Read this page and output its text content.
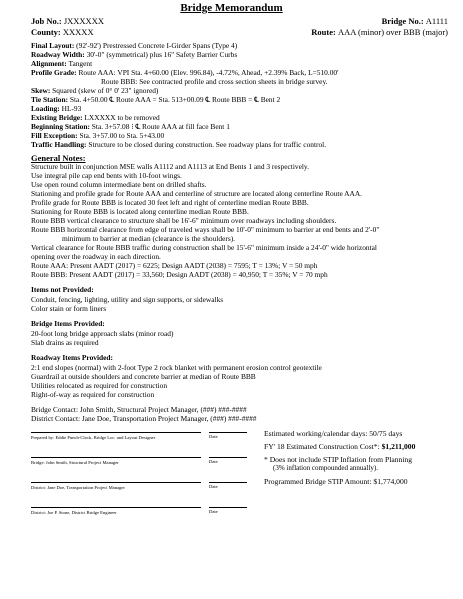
Bridge Memorandum
Job No.: JXXXXXX
County: XXXXX
Bridge No.: A1111
Route: AAA (minor) over BBB (major)
Final Layout: (92'-92') Prestressed Concrete I-Girder Spans (Type 4)
Roadway Width: 30'-0" (symmetrical) plus 16" Safety Barrier Curbs
Alignment: Tangent
Profile Grade: Route AAA: VPI Sta. 4+60.00 (Elev. 996.84), -4.72%, Ahead, +2.39% Back, L=510.00'
Route BBB: See contracted profile and cross section sheets in bridge survey.
Skew: Squared (skew of 0° 0' 23" ignored)
Tie Station: Sta. 4+50.00 ℄ Route AAA = Sta. 513+00.09 ℄ Route BBB = ℄ Bent 2
Loading: HL-93
Existing Bridge: LXXXXX to be removed
Beginning Station: Sta. 3+57.08 ⁝ ℄ Route AAA at fill face Bent 1
Fill Exception: Sta. 3+57.00 to Sta. 5+43.00
Traffic Handling: Structure to be closed during construction. See roadway plans for traffic control.
General Notes:
Structure built in conjunction MSE walls A1112 and A1113 at End Bents 1 and 3 respectively.
Use integral pile cap end bents with 10-foot wings.
Use open round column intermediate bent on drilled shafts.
Stationing and profile grade for Route AAA and centerline of structure are located along centerline Route AAA.
Profile grade for Route BBB is located 30 feet left and right of centerline median Route BBB.
Stationing for Route BBB is located along centerline median Route BBB.
Route BBB vertical clearance to structure shall be 16'-6" minimum over roadways including shoulders.
Route BBB horizontal clearance from edge of traveled ways shall be 10'-0" minimum to barrier at end bents and 2'-0"
minimum to barrier at median (clearance is the shoulders).
Vertical clearance for Route BBB traffic during construction shall be 15'-6" minimum inside a 24'-0" wide horizontal
opening over the roadway in each direction.
Route AAA: Present AADT (2017) = 6225; Design AADT (2038) = 7595; T = 13%; V = 50 mph
Route BBB: Present AADT (2017) = 33,560; Design AADT (2038) = 40,950; T = 35%; V = 70 mph
Items not Provided:
Conduit, fencing, lighting, utility and sign supports, or sidewalks
Color stain or form liners
Bridge Items Provided:
20-foot long bridge approach slabs (minor road)
Slab drains as required
Roadway Items Provided:
2:1 end slopes (normal) with 2-foot Type 2 rock blanket with permanent erosion control geotextile
Guardrail at outside shoulders and concrete barrier at median of Route BBB
Utilities relocated as required for construction
Right-of-way as required for construction
Bridge Contact: John Smith, Structural Project Manager, (###) ###-####
District Contact: Jane Doe, Transportation Project Manager, (###) ###-####
Prepared by: Eddie Punch-Clock, Bridge Loc. and Layout Designer	Date
Bridge: John Smith, Structural Project Manager	Date
District: Jane Doe, Transportation Project Manager	Date
District: Joe P. Stone, District Bridge Engineer	Date
Estimated working/calendar days: 50/75 days
FY' 18 Estimated Construction Cost*: $1,211,000
* Does not include STIP Inflation from Planning
(3% inflation compounded annually).
Programmed Bridge STIP Amount: $1,774,000
